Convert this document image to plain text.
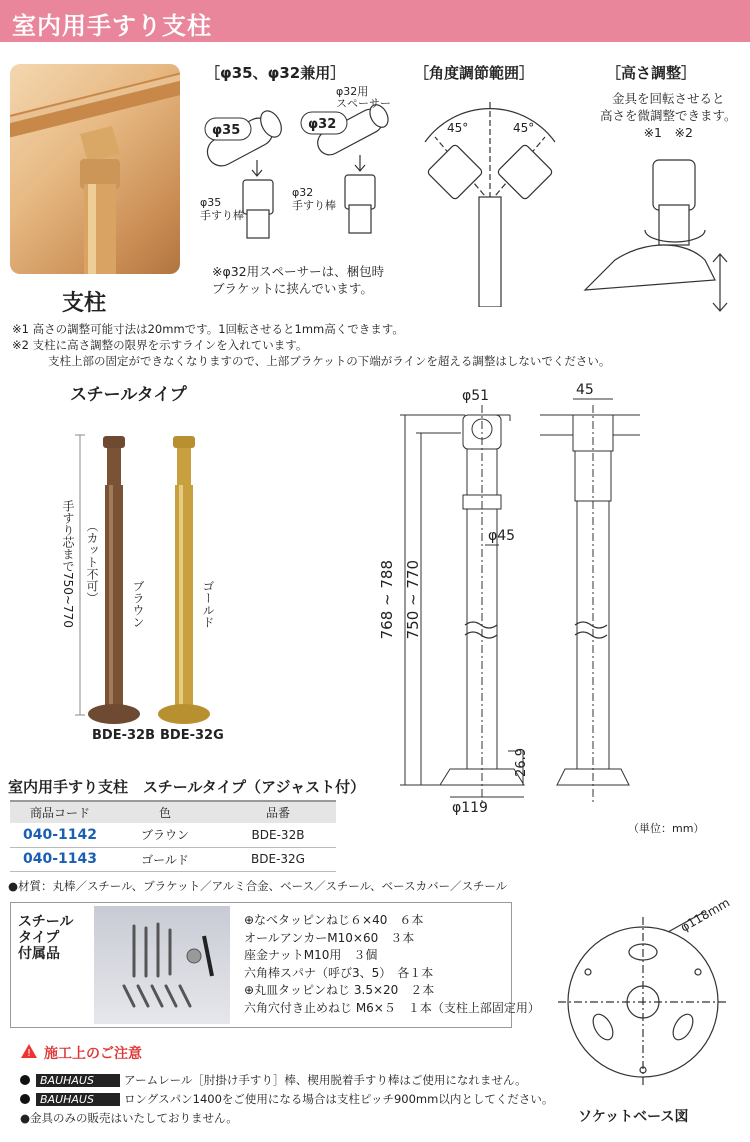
室内用手すり支柱
支柱
［φ35、φ32兼用］	［角度調節範囲］	［高さ調整］
φ35	φ32
φ32用
スペーサー
φ35
手すり棒
φ32
手すり棒
※φ32用スペーサーは、梱包時
ブラケットに挟んでいます。
45°	45°
金具を回転させると
高さを微調整できます。
※1　※2
※1 高さの調整可能寸法は20mmです。1回転させると1mm高くできます。
※2 支柱に高さ調整の限界を示すラインを入れています。
支柱上部の固定ができなくなりますので、上部ブラケットの下端がラインを超える調整はしないでください。
スチールタイプ
手すり芯まで750~770 （カット不可）	ブラウン	ゴールド
BDE-32B BDE-32G
φ51	45
φ45
768 ~ 788 750 ~ 770
26.9
φ119
（単位：mm）
室内用手すり支柱　スチールタイプ（アジャスト付）
商品コード	色	品番
040-1142	ブラウン	BDE-32B
040-1143	ゴールド	BDE-32G
●材質：丸棒／スチール、ブラケット／アルミ合金、ベース／スチール、ベースカバー／スチール
スチール
タイプ
付属品
⊕なべタッピンねじ６×40　６本
オールアンカーM10×60　３本
座金ナットM10用　３個
六角棒スパナ（呼び3、5）　各１本
⊕丸皿タッピンねじ 3.5×20　２本
六角穴付き止めねじ M6×５　１本（支柱上部固定用）
φ118mm
ソケットベース図
! 施工上のご注意
BAUHAUS	アームレール［肘掛け手すり］棒、楔用脱着手すり棒はご使用になれません。
BAUHAUS	ロングスパン1400をご使用になる場合は支柱ピッチ900mm以内としてください。
●金具のみの販売はいたしておりません。
